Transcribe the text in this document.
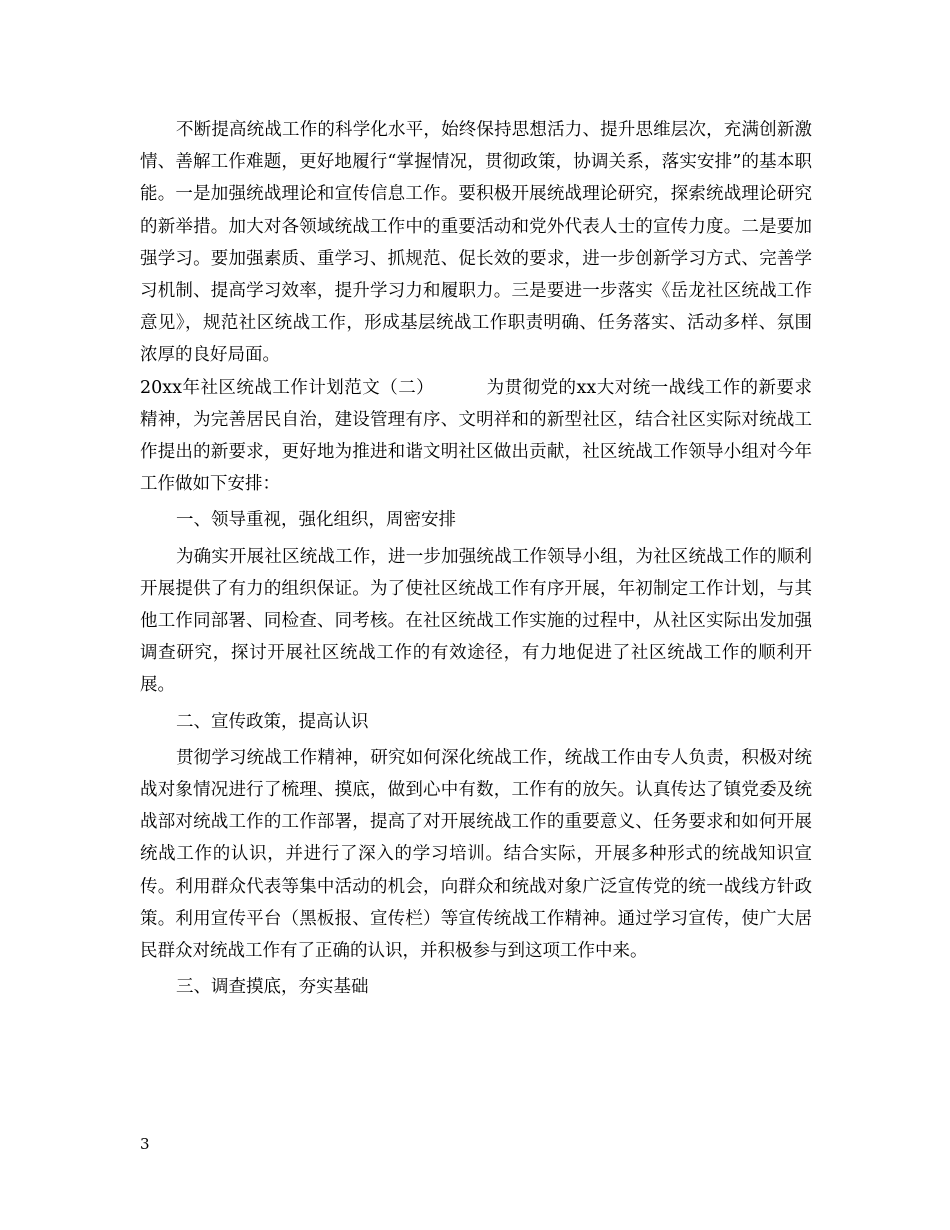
不断提高统战工作的科学化水平，始终保持思想活力、提升思维层次，充满创新激情、善解工作难题，更好地履行“掌握情况，贯彻政策，协调关系，落实安排”的基本职能。一是加强统战理论和宣传信息工作。要积极开展统战理论研究，探索统战理论研究的新举措。加大对各领域统战工作中的重要活动和党外代表人士的宣传力度。二是要加强学习。要加强素质、重学习、抓规范、促长效的要求，进一步创新学习方式、完善学习机制、提高学习效率，提升学习力和履职力。三是要进一步落实《岳龙社区统战工作意见》，规范社区统战工作，形成基层统战工作职责明确、任务落实、活动多样、氛围浓厚的良好局面。

20xx年社区统战工作计划范文（二）	为贯彻党的xx大对统一战线工作的新要求精神，为完善居民自治，建设管理有序、文明祥和的新型社区，结合社区实际对统战工作提出的新要求，更好地为推进和谐文明社区做出贡献，社区统战工作领导小组对今年工作做如下安排：

一、领导重视，强化组织，周密安排

为确实开展社区统战工作，进一步加强统战工作领导小组，为社区统战工作的顺利开展提供了有力的组织保证。为了使社区统战工作有序开展，年初制定工作计划，与其他工作同部署、同检查、同考核。在社区统战工作实施的过程中，从社区实际出发加强调查研究，探讨开展社区统战工作的有效途径，有力地促进了社区统战工作的顺利开展。

二、宣传政策，提高认识

贯彻学习统战工作精神，研究如何深化统战工作，统战工作由专人负责，积极对统战对象情况进行了梳理、摸底，做到心中有数，工作有的放矢。认真传达了镇党委及统战部对统战工作的工作部署，提高了对开展统战工作的重要意义、任务要求和如何开展统战工作的认识，并进行了深入的学习培训。结合实际，开展多种形式的统战知识宣传。利用群众代表等集中活动的机会，向群众和统战对象广泛宣传党的统一战线方针政策。利用宣传平台（黑板报、宣传栏）等宣传统战工作精神。通过学习宣传，使广大居民群众对统战工作有了正确的认识，并积极参与到这项工作中来。

三、调查摸底，夯实基础

3
